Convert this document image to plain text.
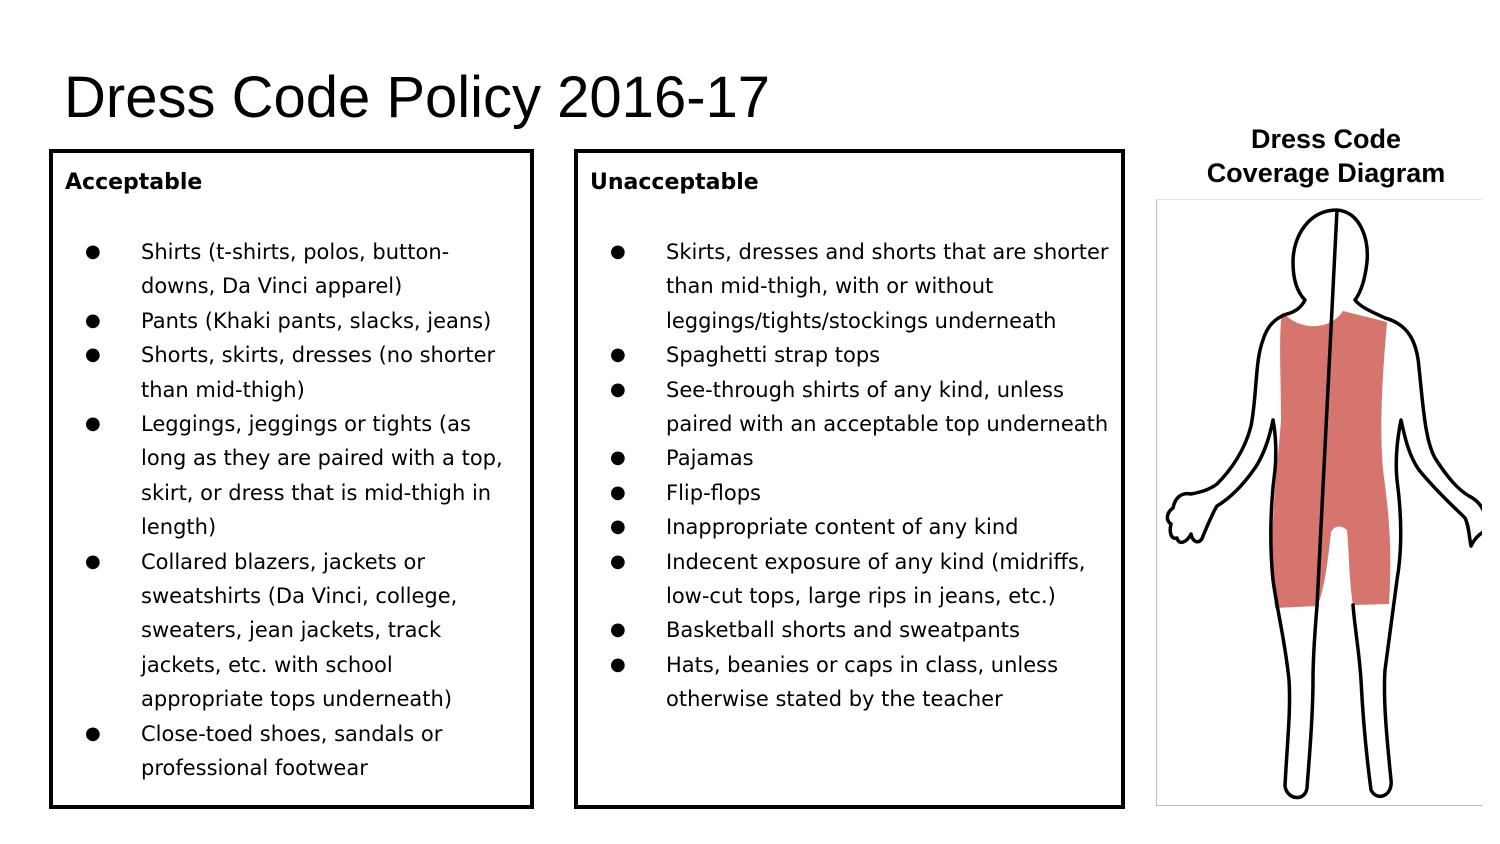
Dress Code Policy 2016-17
Acceptable
● Shirts (t-shirts, polos, button-downs, Da Vinci apparel)
● Pants (Khaki pants, slacks, jeans)
● Shorts, skirts, dresses (no shorter than mid-thigh)
● Leggings, jeggings or tights (as long as they are paired with a top, skirt, or dress that is mid-thigh in length)
● Collared blazers, jackets or sweatshirts (Da Vinci, college, sweaters, jean jackets, track jackets, etc. with school appropriate tops underneath)
● Close-toed shoes, sandals or professional footwear
Unacceptable
● Skirts, dresses and shorts that are shorter than mid-thigh, with or without leggings/tights/stockings underneath
● Spaghetti strap tops
● See-through shirts of any kind, unless paired with an acceptable top underneath
● Pajamas
● Flip-flops
● Inappropriate content of any kind
● Indecent exposure of any kind (midriffs, low-cut tops, large rips in jeans, etc.)
● Basketball shorts and sweatpants
● Hats, beanies or caps in class, unless otherwise stated by the teacher
Dress Code
Coverage Diagram
